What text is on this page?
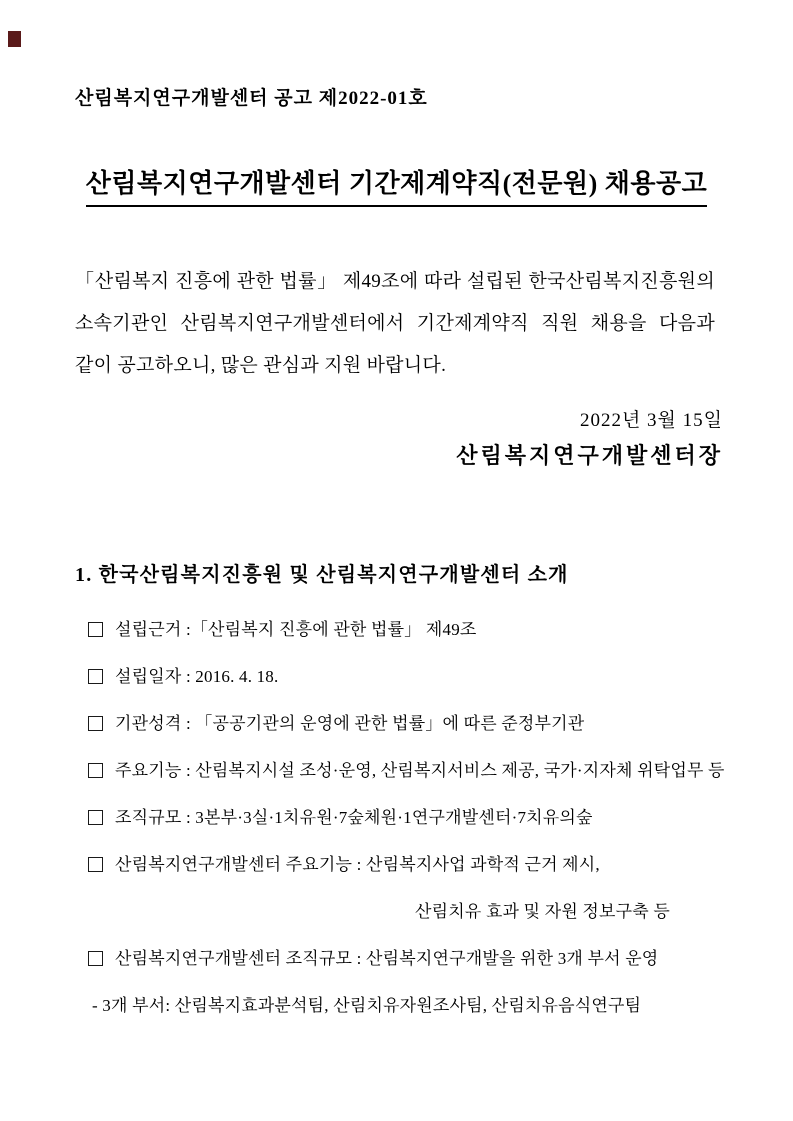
산림복지연구개발센터 공고 제2022-01호
산림복지연구개발센터 기간제계약직(전문원) 채용공고
「산림복지 진흥에 관한 법률」 제49조에 따라 설립된 한국산림복지진흥원의
소속기관인 산림복지연구개발센터에서 기간제계약직 직원 채용을 다음과
같이 공고하오니, 많은 관심과 지원 바랍니다.
2022년 3월 15일
산림복지연구개발센터장
1. 한국산림복지진흥원 및 산림복지연구개발센터 소개
설립근거 :「산림복지 진흥에 관한 법률」 제49조
설립일자 : 2016. 4. 18.
기관성격 : 「공공기관의 운영에 관한 법률」에 따른 준정부기관
주요기능 : 산림복지시설 조성·운영, 산림복지서비스 제공, 국가·지자체 위탁업무 등
조직규모 : 3본부·3실·1치유원·7숲체원·1연구개발센터·7치유의숲
산림복지연구개발센터 주요기능 : 산림복지사업 과학적 근거 제시,
산림치유 효과 및 자원 정보구축 등
산림복지연구개발센터 조직규모 : 산림복지연구개발을 위한 3개 부서 운영
- 3개 부서: 산림복지효과분석팀, 산림치유자원조사팀, 산림치유음식연구팀
